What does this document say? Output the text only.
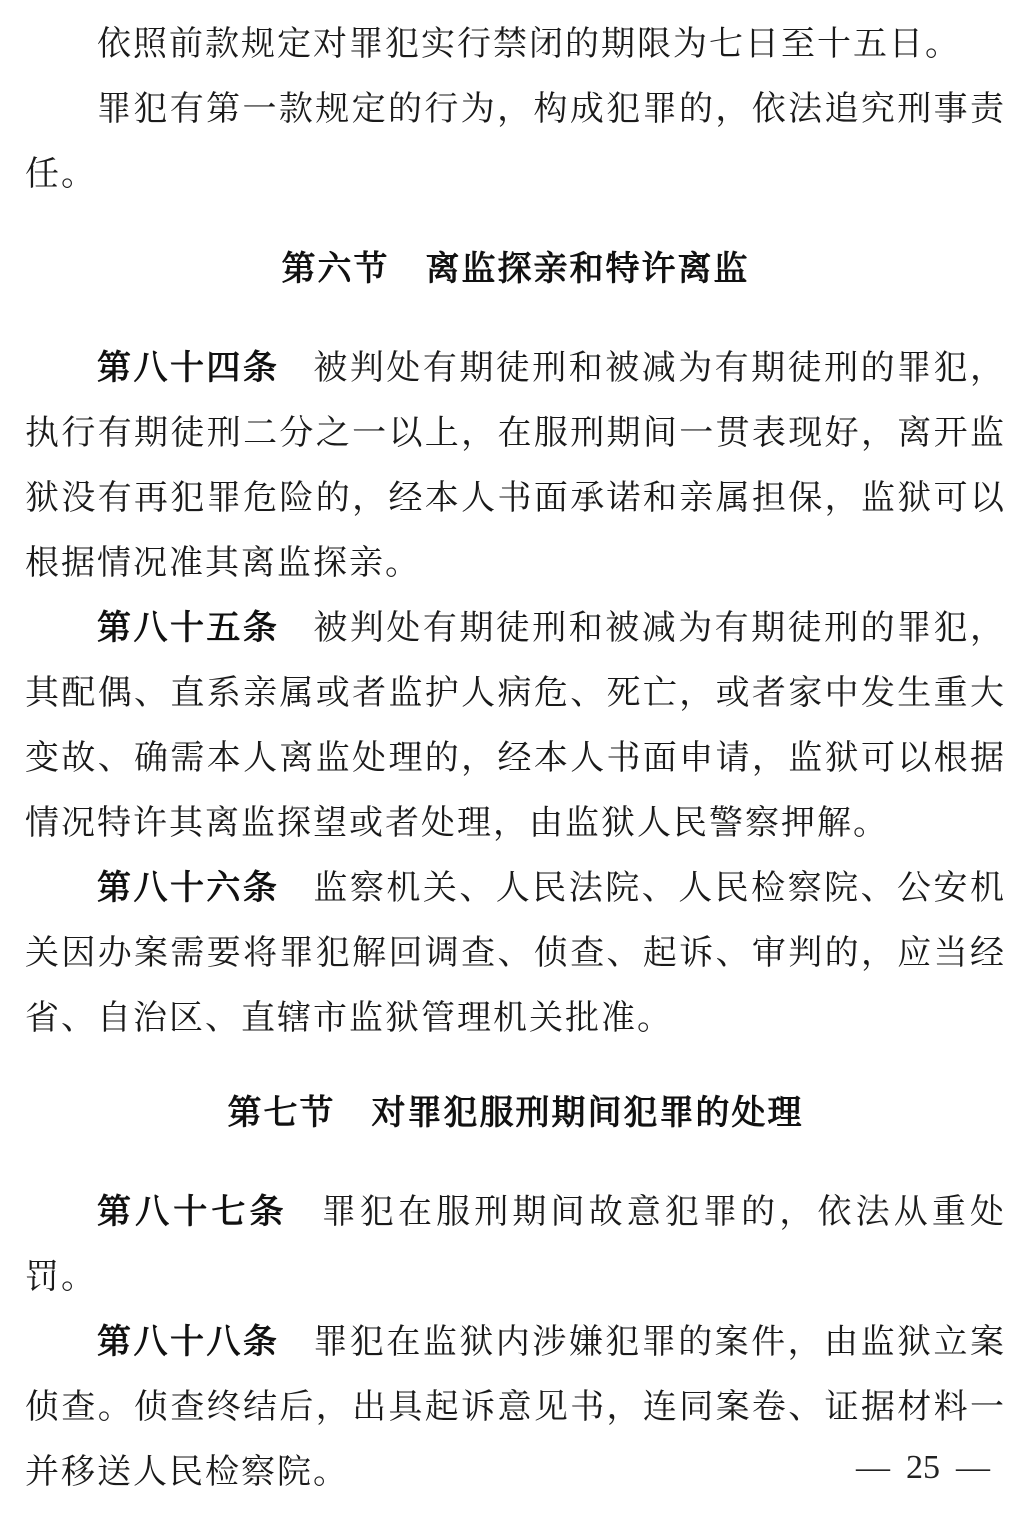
依照前款规定对罪犯实行禁闭的期限为七日至十五日。

罪犯有第一款规定的行为，构成犯罪的，依法追究刑事责任。

第六节　离监探亲和特许离监

第八十四条 被判处有期徒刑和被减为有期徒刑的罪犯，执行有期徒刑二分之一以上，在服刑期间一贯表现好，离开监狱没有再犯罪危险的，经本人书面承诺和亲属担保，监狱可以根据情况准其离监探亲。

第八十五条 被判处有期徒刑和被减为有期徒刑的罪犯，其配偶、直系亲属或者监护人病危、死亡，或者家中发生重大变故、确需本人离监处理的，经本人书面申请，监狱可以根据情况特许其离监探望或者处理，由监狱人民警察押解。

第八十六条 监察机关、人民法院、人民检察院、公安机关因办案需要将罪犯解回调查、侦查、起诉、审判的，应当经省、自治区、直辖市监狱管理机关批准。

第七节　对罪犯服刑期间犯罪的处理

第八十七条 罪犯在服刑期间故意犯罪的，依法从重处罚。

第八十八条 罪犯在监狱内涉嫌犯罪的案件，由监狱立案侦查。侦查终结后，出具起诉意见书，连同案卷、证据材料一并移送人民检察院。	— 25 —
